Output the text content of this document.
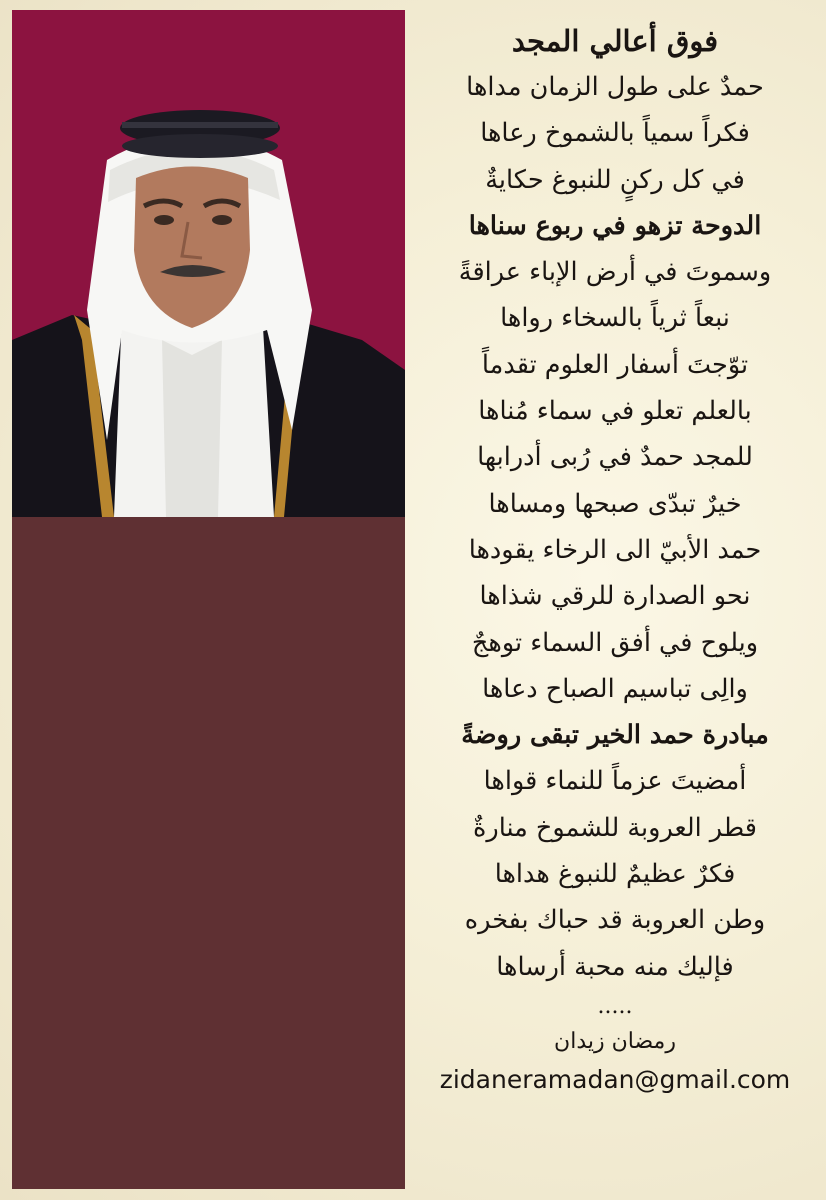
فوق أعالي المجد

حمدٌ على طول الزمان مداها

فكراً سمياً بالشموخ رعاها

في كل ركنٍ للنبوغ حكايةٌ

الدوحة تزهو في ربوع سناها

وسموتَ في أرض الإباء عراقةً

نبعاً ثرياً بالسخاء رواها

توّجتَ أسفار العلوم تقدماً

بالعلم تعلو في سماء مُناها

للمجد حمدٌ في رُبى أدرابها

خيرٌ تبدّى صبحها ومساها

حمد الأبيّ الى الرخاء يقودها

نحو الصدارة للرقي شذاها

ويلوح في أفق السماء توهجٌ

والِى تباسيم الصباح دعاها

مبادرة حمد الخير تبقى روضةً

أمضيتَ عزماً للنماء قواها

قطر العروبة للشموخ منارةٌ

فكرٌ عظيمٌ للنبوغ هداها

وطن العروبة قد حباك بفخره

فإليك منه محبة أرساها

.....

رمضان زيدان

zidaneramadan@gmail.com
